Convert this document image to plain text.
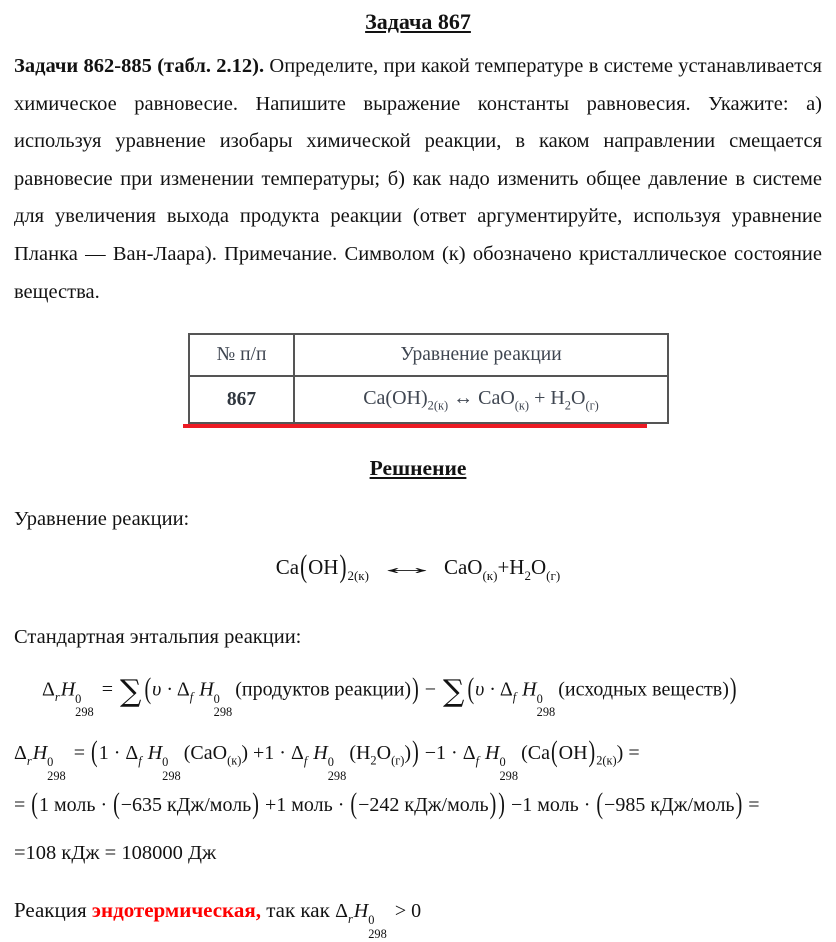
Задача 867

Задачи 862-885 (табл. 2.12). Определите, при какой температуре в системе устанавливается химическое равновесие. Напишите выражение константы равновесия. Укажите: а) используя уравнение изобары химической реакции, в каком направлении смещается равновесие при изменении температуры; б) как надо изменить общее давление в системе для увеличения выхода продукта реакции (ответ аргументируйте, используя уравнение Планка — Ван-Лаара). Примечание. Символом (к) обозначено кристаллическое состояние вещества.

№ п/п	Уравнение реакции
867	$Ca(OH)_{2(к)}$ ↔ $CaO_{(к)} + H_2O_{(г)}$

Решнение

Уравнение реакции:

$Ca(OH)_{2(к)}$ ↔ $CaO_{(к)}+H_2O_{(г)}$

Стандартная энтальпия реакции:

$\Delta_rH$ 0
298
= ∑ ($\upsilon \cdot \Delta_f$ H 0
298
(продуктов реакции)) − ∑ ($\upsilon \cdot \Delta_f$ H 0
298
(исходных веществ))
$\Delta_rH$ 0
298
= ($1 \cdot \Delta_f$ H 0
298
$(CaO_{(к)}) +1 \cdot \Delta_f$ H 0
298
$(H_2O_{(г)})) -1 \cdot \Delta_f$ H 0
298
$(Ca(OH)_{2(к)})$ =
= (1 моль · (−635 кДж/моль) +1 моль · (−242 кДж/моль) ) −1 моль · (−985 кДж/моль) =
=108 кДж = 108000 Дж

Реакция эндотермическая, так как $\Delta_rH$ 0
298
> 0
